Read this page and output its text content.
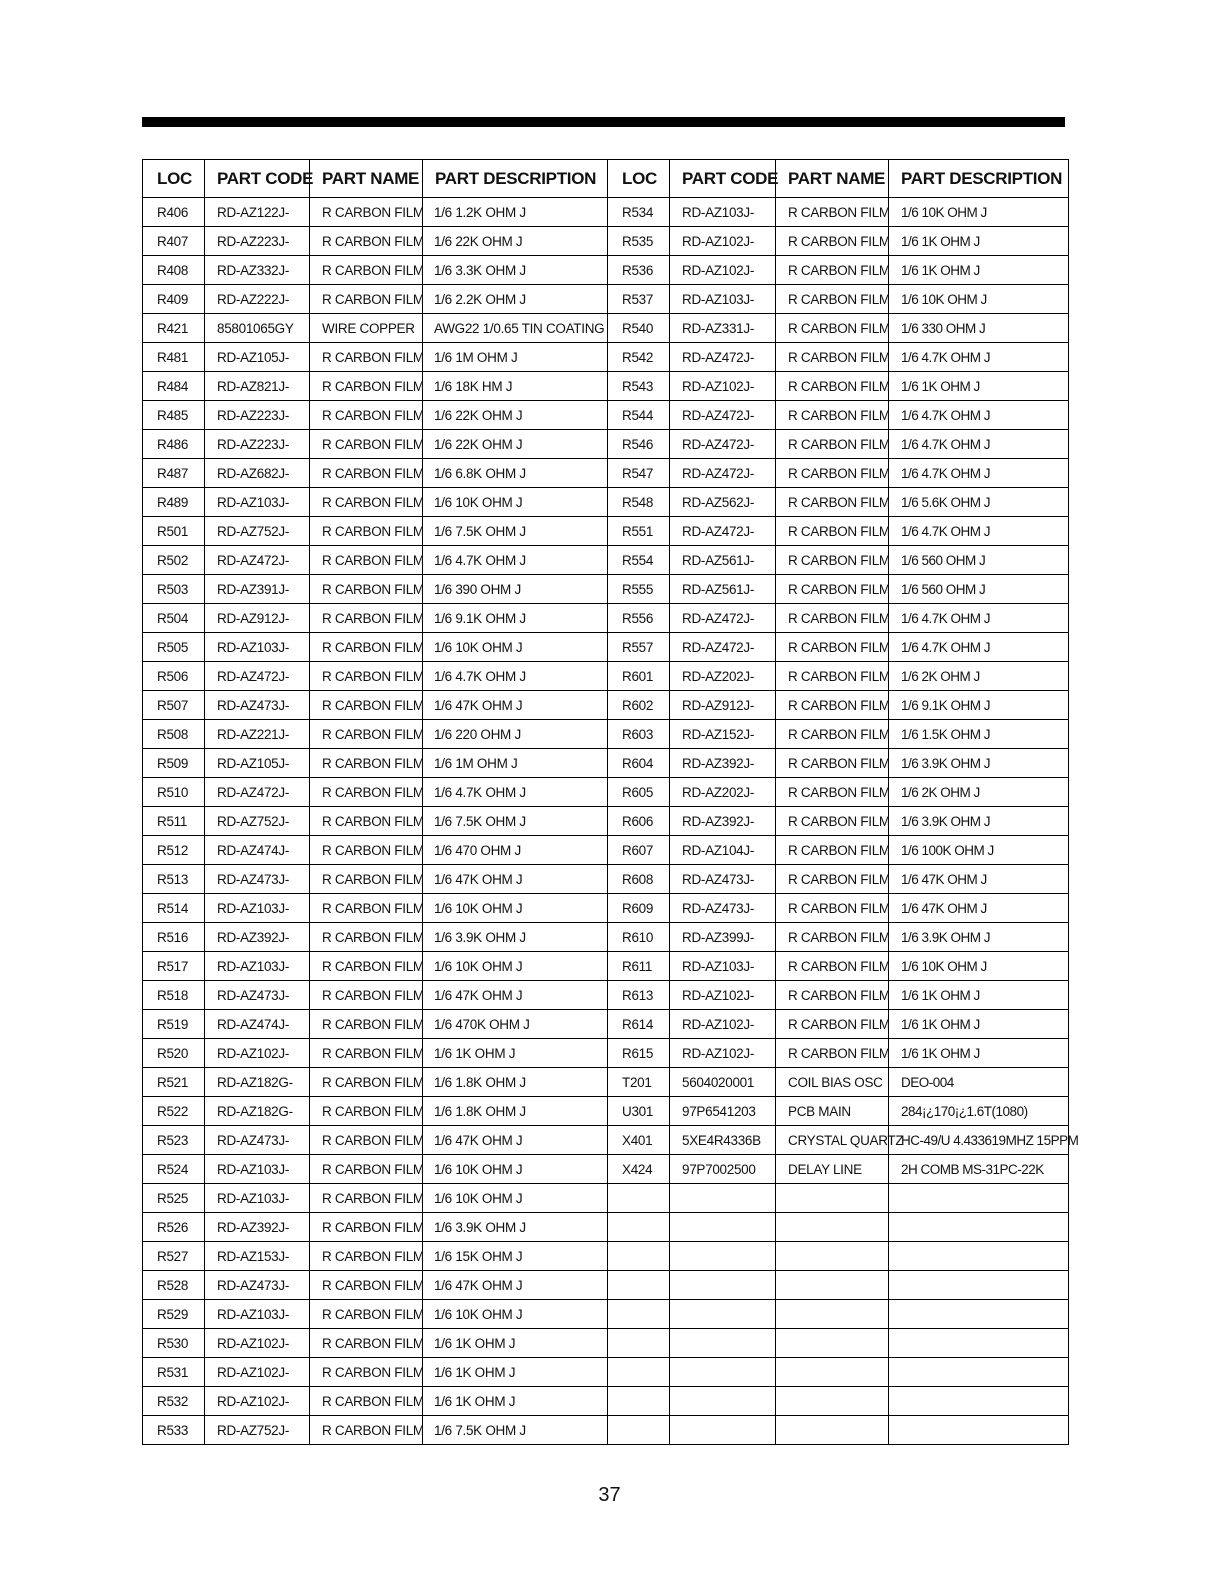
LOC	PART CODE	PART NAME	PART DESCRIPTION	LOC	PART CODE	PART NAME	PART DESCRIPTION
R406	RD-AZ122J-	R CARBON FILM	1/6 1.2K OHM J	R534	RD-AZ103J-	R CARBON FILM	1/6 10K OHM J
R407	RD-AZ223J-	R CARBON FILM	1/6 22K OHM J	R535	RD-AZ102J-	R CARBON FILM	1/6 1K OHM J
R408	RD-AZ332J-	R CARBON FILM	1/6 3.3K OHM J	R536	RD-AZ102J-	R CARBON FILM	1/6 1K OHM J
R409	RD-AZ222J-	R CARBON FILM	1/6 2.2K OHM J	R537	RD-AZ103J-	R CARBON FILM	1/6 10K OHM J
R421	85801065GY	WIRE COPPER	AWG22 1/0.65 TIN COATING	R540	RD-AZ331J-	R CARBON FILM	1/6 330 OHM J
R481	RD-AZ105J-	R CARBON FILM	1/6 1M OHM J	R542	RD-AZ472J-	R CARBON FILM	1/6 4.7K OHM J
R484	RD-AZ821J-	R CARBON FILM	1/6 18K HM J	R543	RD-AZ102J-	R CARBON FILM	1/6 1K OHM J
R485	RD-AZ223J-	R CARBON FILM	1/6 22K OHM J	R544	RD-AZ472J-	R CARBON FILM	1/6 4.7K OHM J
R486	RD-AZ223J-	R CARBON FILM	1/6 22K OHM J	R546	RD-AZ472J-	R CARBON FILM	1/6 4.7K OHM J
R487	RD-AZ682J-	R CARBON FILM	1/6 6.8K OHM J	R547	RD-AZ472J-	R CARBON FILM	1/6 4.7K OHM J
R489	RD-AZ103J-	R CARBON FILM	1/6 10K OHM J	R548	RD-AZ562J-	R CARBON FILM	1/6 5.6K OHM J
R501	RD-AZ752J-	R CARBON FILM	1/6 7.5K OHM J	R551	RD-AZ472J-	R CARBON FILM	1/6 4.7K OHM J
R502	RD-AZ472J-	R CARBON FILM	1/6 4.7K OHM J	R554	RD-AZ561J-	R CARBON FILM	1/6 560 OHM J
R503	RD-AZ391J-	R CARBON FILM	1/6 390 OHM J	R555	RD-AZ561J-	R CARBON FILM	1/6 560 OHM J
R504	RD-AZ912J-	R CARBON FILM	1/6 9.1K OHM J	R556	RD-AZ472J-	R CARBON FILM	1/6 4.7K OHM J
R505	RD-AZ103J-	R CARBON FILM	1/6 10K OHM J	R557	RD-AZ472J-	R CARBON FILM	1/6 4.7K OHM J
R506	RD-AZ472J-	R CARBON FILM	1/6 4.7K OHM J	R601	RD-AZ202J-	R CARBON FILM	1/6 2K OHM J
R507	RD-AZ473J-	R CARBON FILM	1/6 47K OHM J	R602	RD-AZ912J-	R CARBON FILM	1/6 9.1K OHM J
R508	RD-AZ221J-	R CARBON FILM	1/6 220 OHM J	R603	RD-AZ152J-	R CARBON FILM	1/6 1.5K OHM J
R509	RD-AZ105J-	R CARBON FILM	1/6 1M OHM J	R604	RD-AZ392J-	R CARBON FILM	1/6 3.9K OHM J
R510	RD-AZ472J-	R CARBON FILM	1/6 4.7K OHM J	R605	RD-AZ202J-	R CARBON FILM	1/6 2K OHM J
R511	RD-AZ752J-	R CARBON FILM	1/6 7.5K OHM J	R606	RD-AZ392J-	R CARBON FILM	1/6 3.9K OHM J
R512	RD-AZ474J-	R CARBON FILM	1/6 470 OHM J	R607	RD-AZ104J-	R CARBON FILM	1/6 100K OHM J
R513	RD-AZ473J-	R CARBON FILM	1/6 47K OHM J	R608	RD-AZ473J-	R CARBON FILM	1/6 47K OHM J
R514	RD-AZ103J-	R CARBON FILM	1/6 10K OHM J	R609	RD-AZ473J-	R CARBON FILM	1/6 47K OHM J
R516	RD-AZ392J-	R CARBON FILM	1/6 3.9K OHM J	R610	RD-AZ399J-	R CARBON FILM	1/6 3.9K OHM J
R517	RD-AZ103J-	R CARBON FILM	1/6 10K OHM J	R611	RD-AZ103J-	R CARBON FILM	1/6 10K OHM J
R518	RD-AZ473J-	R CARBON FILM	1/6 47K OHM J	R613	RD-AZ102J-	R CARBON FILM	1/6 1K OHM J
R519	RD-AZ474J-	R CARBON FILM	1/6 470K OHM J	R614	RD-AZ102J-	R CARBON FILM	1/6 1K OHM J
R520	RD-AZ102J-	R CARBON FILM	1/6 1K OHM J	R615	RD-AZ102J-	R CARBON FILM	1/6 1K OHM J
R521	RD-AZ182G-	R CARBON FILM	1/6 1.8K OHM J	T201	5604020001	COIL BIAS OSC	DEO-004
R522	RD-AZ182G-	R CARBON FILM	1/6 1.8K OHM J	U301	97P6541203	PCB MAIN	284¡¿170¡¿1.6T(1080)
R523	RD-AZ473J-	R CARBON FILM	1/6 47K OHM J	X401	5XE4R4336B	CRYSTAL QUARTZ	HC-49/U 4.433619MHZ 15PPM
R524	RD-AZ103J-	R CARBON FILM	1/6 10K OHM J	X424	97P7002500	DELAY LINE	2H COMB MS-31PC-22K
R525	RD-AZ103J-	R CARBON FILM	1/6 10K OHM J				
R526	RD-AZ392J-	R CARBON FILM	1/6 3.9K OHM J				
R527	RD-AZ153J-	R CARBON FILM	1/6 15K OHM J				
R528	RD-AZ473J-	R CARBON FILM	1/6 47K OHM J				
R529	RD-AZ103J-	R CARBON FILM	1/6 10K OHM J				
R530	RD-AZ102J-	R CARBON FILM	1/6 1K OHM J				
R531	RD-AZ102J-	R CARBON FILM	1/6 1K OHM J				
R532	RD-AZ102J-	R CARBON FILM	1/6 1K OHM J				
R533	RD-AZ752J-	R CARBON FILM	1/6 7.5K OHM J				
37
